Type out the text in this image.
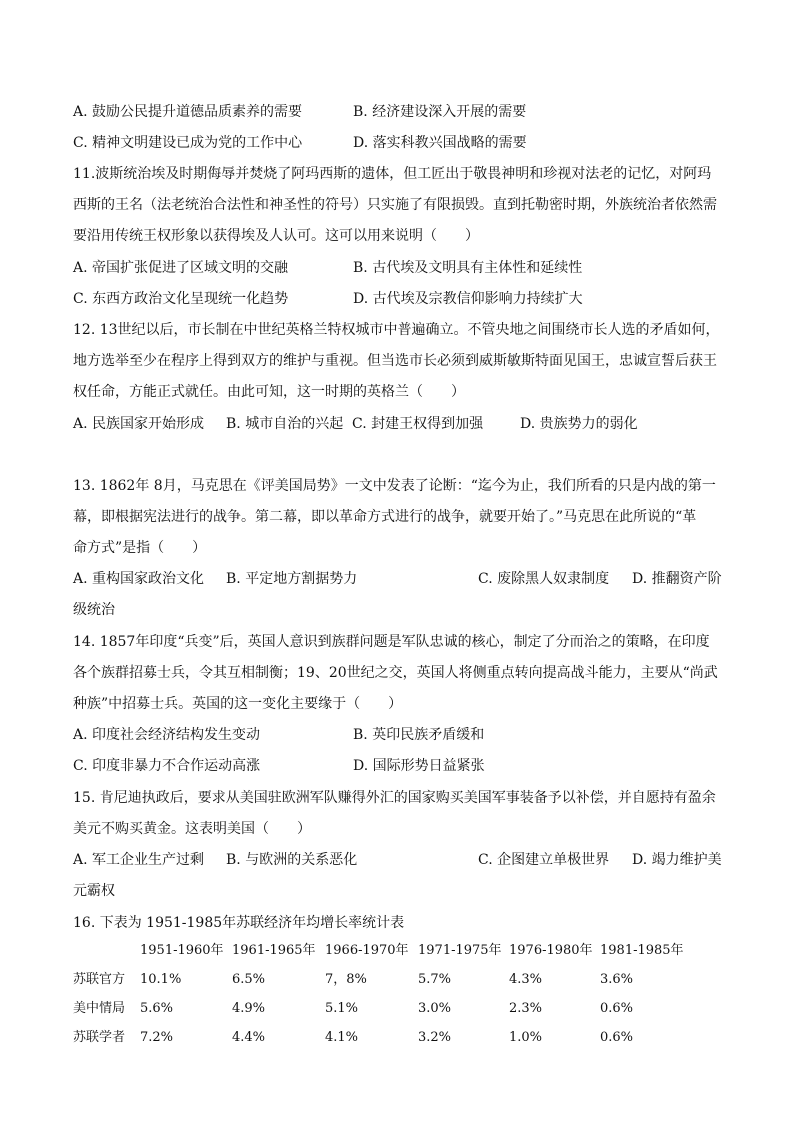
A. 鼓励公民提升道德品质素养的需要	B. 经济建设深入开展的需要
C. 精神文明建设已成为党的工作中心	D. 落实科教兴国战略的需要
11.波斯统治埃及时期侮辱并焚烧了阿玛西斯的遗体，但工匠出于敬畏神明和珍视对法老的记忆，对阿玛
西斯的王名（法老统治合法性和神圣性的符号）只实施了有限损毁。直到托勒密时期，外族统治者依然需
要沿用传统王权形象以获得埃及人认可。这可以用来说明（　　）
A. 帝国扩张促进了区域文明的交融	B. 古代埃及文明具有主体性和延续性
C. 东西方政治文化呈现统一化趋势	D. 古代埃及宗教信仰影响力持续扩大
12. 13世纪以后，市长制在中世纪英格兰特权城市中普遍确立。不管央地之间围绕市长人选的矛盾如何，
地方选举至少在程序上得到双方的维护与重视。但当选市长必须到威斯敏斯特面见国王，忠诚宣誓后获王
权任命，方能正式就任。由此可知，这一时期的英格兰（　　）
A. 民族国家开始形成 B. 城市自治的兴起 C. 封建王权得到加强	D. 贵族势力的弱化
13. 1862年 8月，马克思在《评美国局势》一文中发表了论断：“迄今为止，我们所看的只是内战的第一
幕，即根据宪法进行的战争。第二幕，即以革命方式进行的战争，就要开始了。”马克思在此所说的“革
命方式”是指（　　）
A. 重构国家政治文化 B. 平定地方割据势力	C. 废除黑人奴隶制度 D. 推翻资产阶
级统治
14. 1857年印度“兵变”后，英国人意识到族群问题是军队忠诚的核心，制定了分而治之的策略，在印度
各个族群招募士兵，令其互相制衡；19、20世纪之交，英国人将侧重点转向提高战斗能力，主要从“尚武
种族”中招募士兵。英国的这一变化主要缘于（　　）
A. 印度社会经济结构发生变动	B. 英印民族矛盾缓和
C. 印度非暴力不合作运动高涨	D. 国际形势日益紧张
15. 肯尼迪执政后，要求从美国驻欧洲军队赚得外汇的国家购买美国军事装备予以补偿，并自愿持有盈余
美元不购买黄金。这表明美国（　　）
A. 军工企业生产过剩 B. 与欧洲的关系恶化	C. 企图建立单极世界 D. 竭力维护美
元霸权
16. 下表为 1951-1985年苏联经济年均增长率统计表
1951-1960年 1961-1965年 1966-1970年 1971-1975年 1976-1980年 1981-1985年
苏联官方 10.1%	6.5%	7，8%	5.7%	4.3%	3.6%
美中情局 5.6%	4.9%	5.1%	3.0%	2.3%	0.6%
苏联学者 7.2%	4.4%	4.1%	3.2%	1.0%	0.6%
